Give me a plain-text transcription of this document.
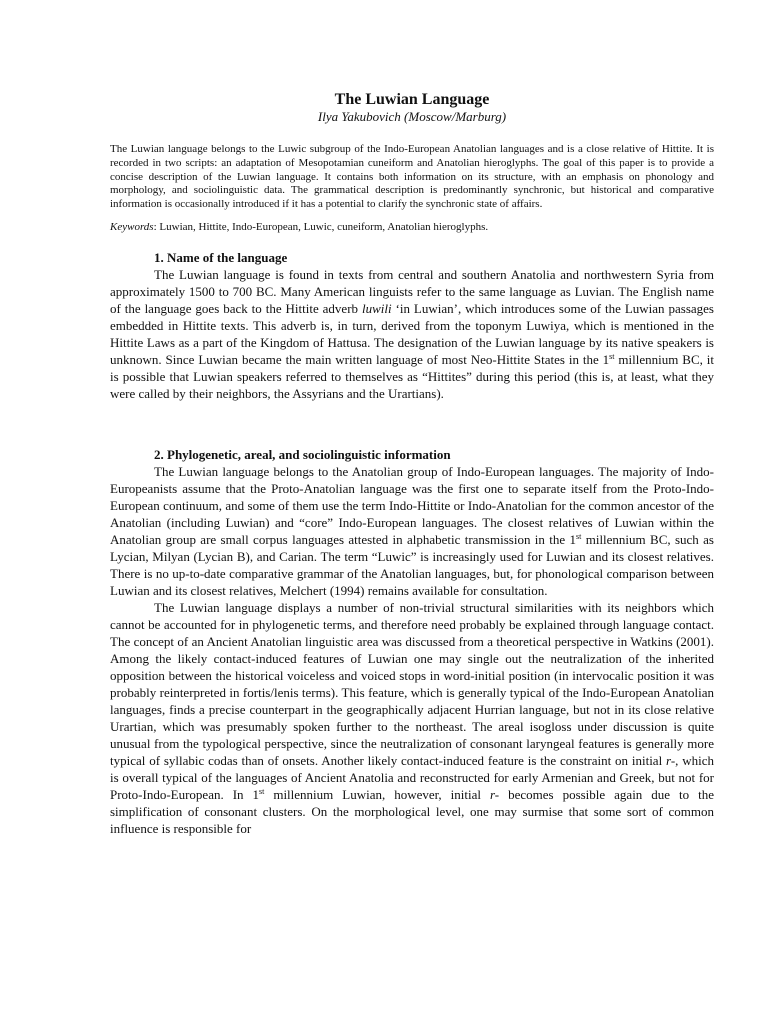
The Luwian Language

Ilya Yakubovich (Moscow/Marburg)

The Luwian language belongs to the Luwic subgroup of the Indo-European Anatolian languages and is a close relative of Hittite. It is recorded in two scripts: an adaptation of Mesopotamian cuneiform and Anatolian hieroglyphs. The goal of this paper is to provide a concise description of the Luwian language. It contains both information on its structure, with an emphasis on phonology and morphology, and sociolinguistic data. The grammatical description is predominantly synchronic, but historical and comparative information is occasionally introduced if it has a potential to clarify the synchronic state of affairs.

Keywords: Luwian, Hittite, Indo-European, Luwic, cuneiform, Anatolian hieroglyphs.

1. Name of the language

The Luwian language is found in texts from central and southern Anatolia and northwestern Syria from approximately 1500 to 700 BC. Many American linguists refer to the same language as Luvian. The English name of the language goes back to the Hittite adverb luwili ‘in Luwian’, which introduces some of the Luwian passages embedded in Hittite texts. This adverb is, in turn, derived from the toponym Luwiya, which is mentioned in the Hittite Laws as a part of the Kingdom of Hattusa. The designation of the Luwian language by its native speakers is unknown. Since Luwian became the main written language of most Neo-Hittite States in the 1st millennium BC, it is possible that Luwian speakers referred to themselves as “Hittites” during this period (this is, at least, what they were called by their neighbors, the Assyrians and the Urartians).

2. Phylogenetic, areal, and sociolinguistic information

The Luwian language belongs to the Anatolian group of Indo-European languages. The majority of Indo-Europeanists assume that the Proto-Anatolian language was the first one to separate itself from the Proto-Indo-European continuum, and some of them use the term Indo-Hittite or Indo-Anatolian for the common ancestor of the Anatolian (including Luwian) and “core” Indo-European languages. The closest relatives of Luwian within the Anatolian group are small corpus languages attested in alphabetic transmission in the 1st millennium BC, such as Lycian, Milyan (Lycian B), and Carian. The term “Luwic” is increasingly used for Luwian and its closest relatives. There is no up-to-date comparative grammar of the Anatolian languages, but, for phonological comparison between Luwian and its closest relatives, Melchert (1994) remains available for consultation.

The Luwian language displays a number of non-trivial structural similarities with its neighbors which cannot be accounted for in phylogenetic terms, and therefore need probably be explained through language contact. The concept of an Ancient Anatolian linguistic area was discussed from a theoretical perspective in Watkins (2001). Among the likely contact-induced features of Luwian one may single out the neutralization of the inherited opposition between the historical voiceless and voiced stops in word-initial position (in intervocalic position it was probably reinterpreted in fortis/lenis terms). This feature, which is generally typical of the Indo-European Anatolian languages, finds a precise counterpart in the geographically adjacent Hurrian language, but not in its close relative Urartian, which was presumably spoken further to the northeast. The areal isogloss under discussion is quite unusual from the typological perspective, since the neutralization of consonant laryngeal features is generally more typical of syllabic codas than of onsets. Another likely contact-induced feature is the constraint on initial r-, which is overall typical of the languages of Ancient Anatolia and reconstructed for early Armenian and Greek, but not for Proto-Indo-European. In 1st millennium Luwian, however, initial r- becomes possible again due to the simplification of consonant clusters. On the morphological level, one may surmise that some sort of common influence is responsible for
